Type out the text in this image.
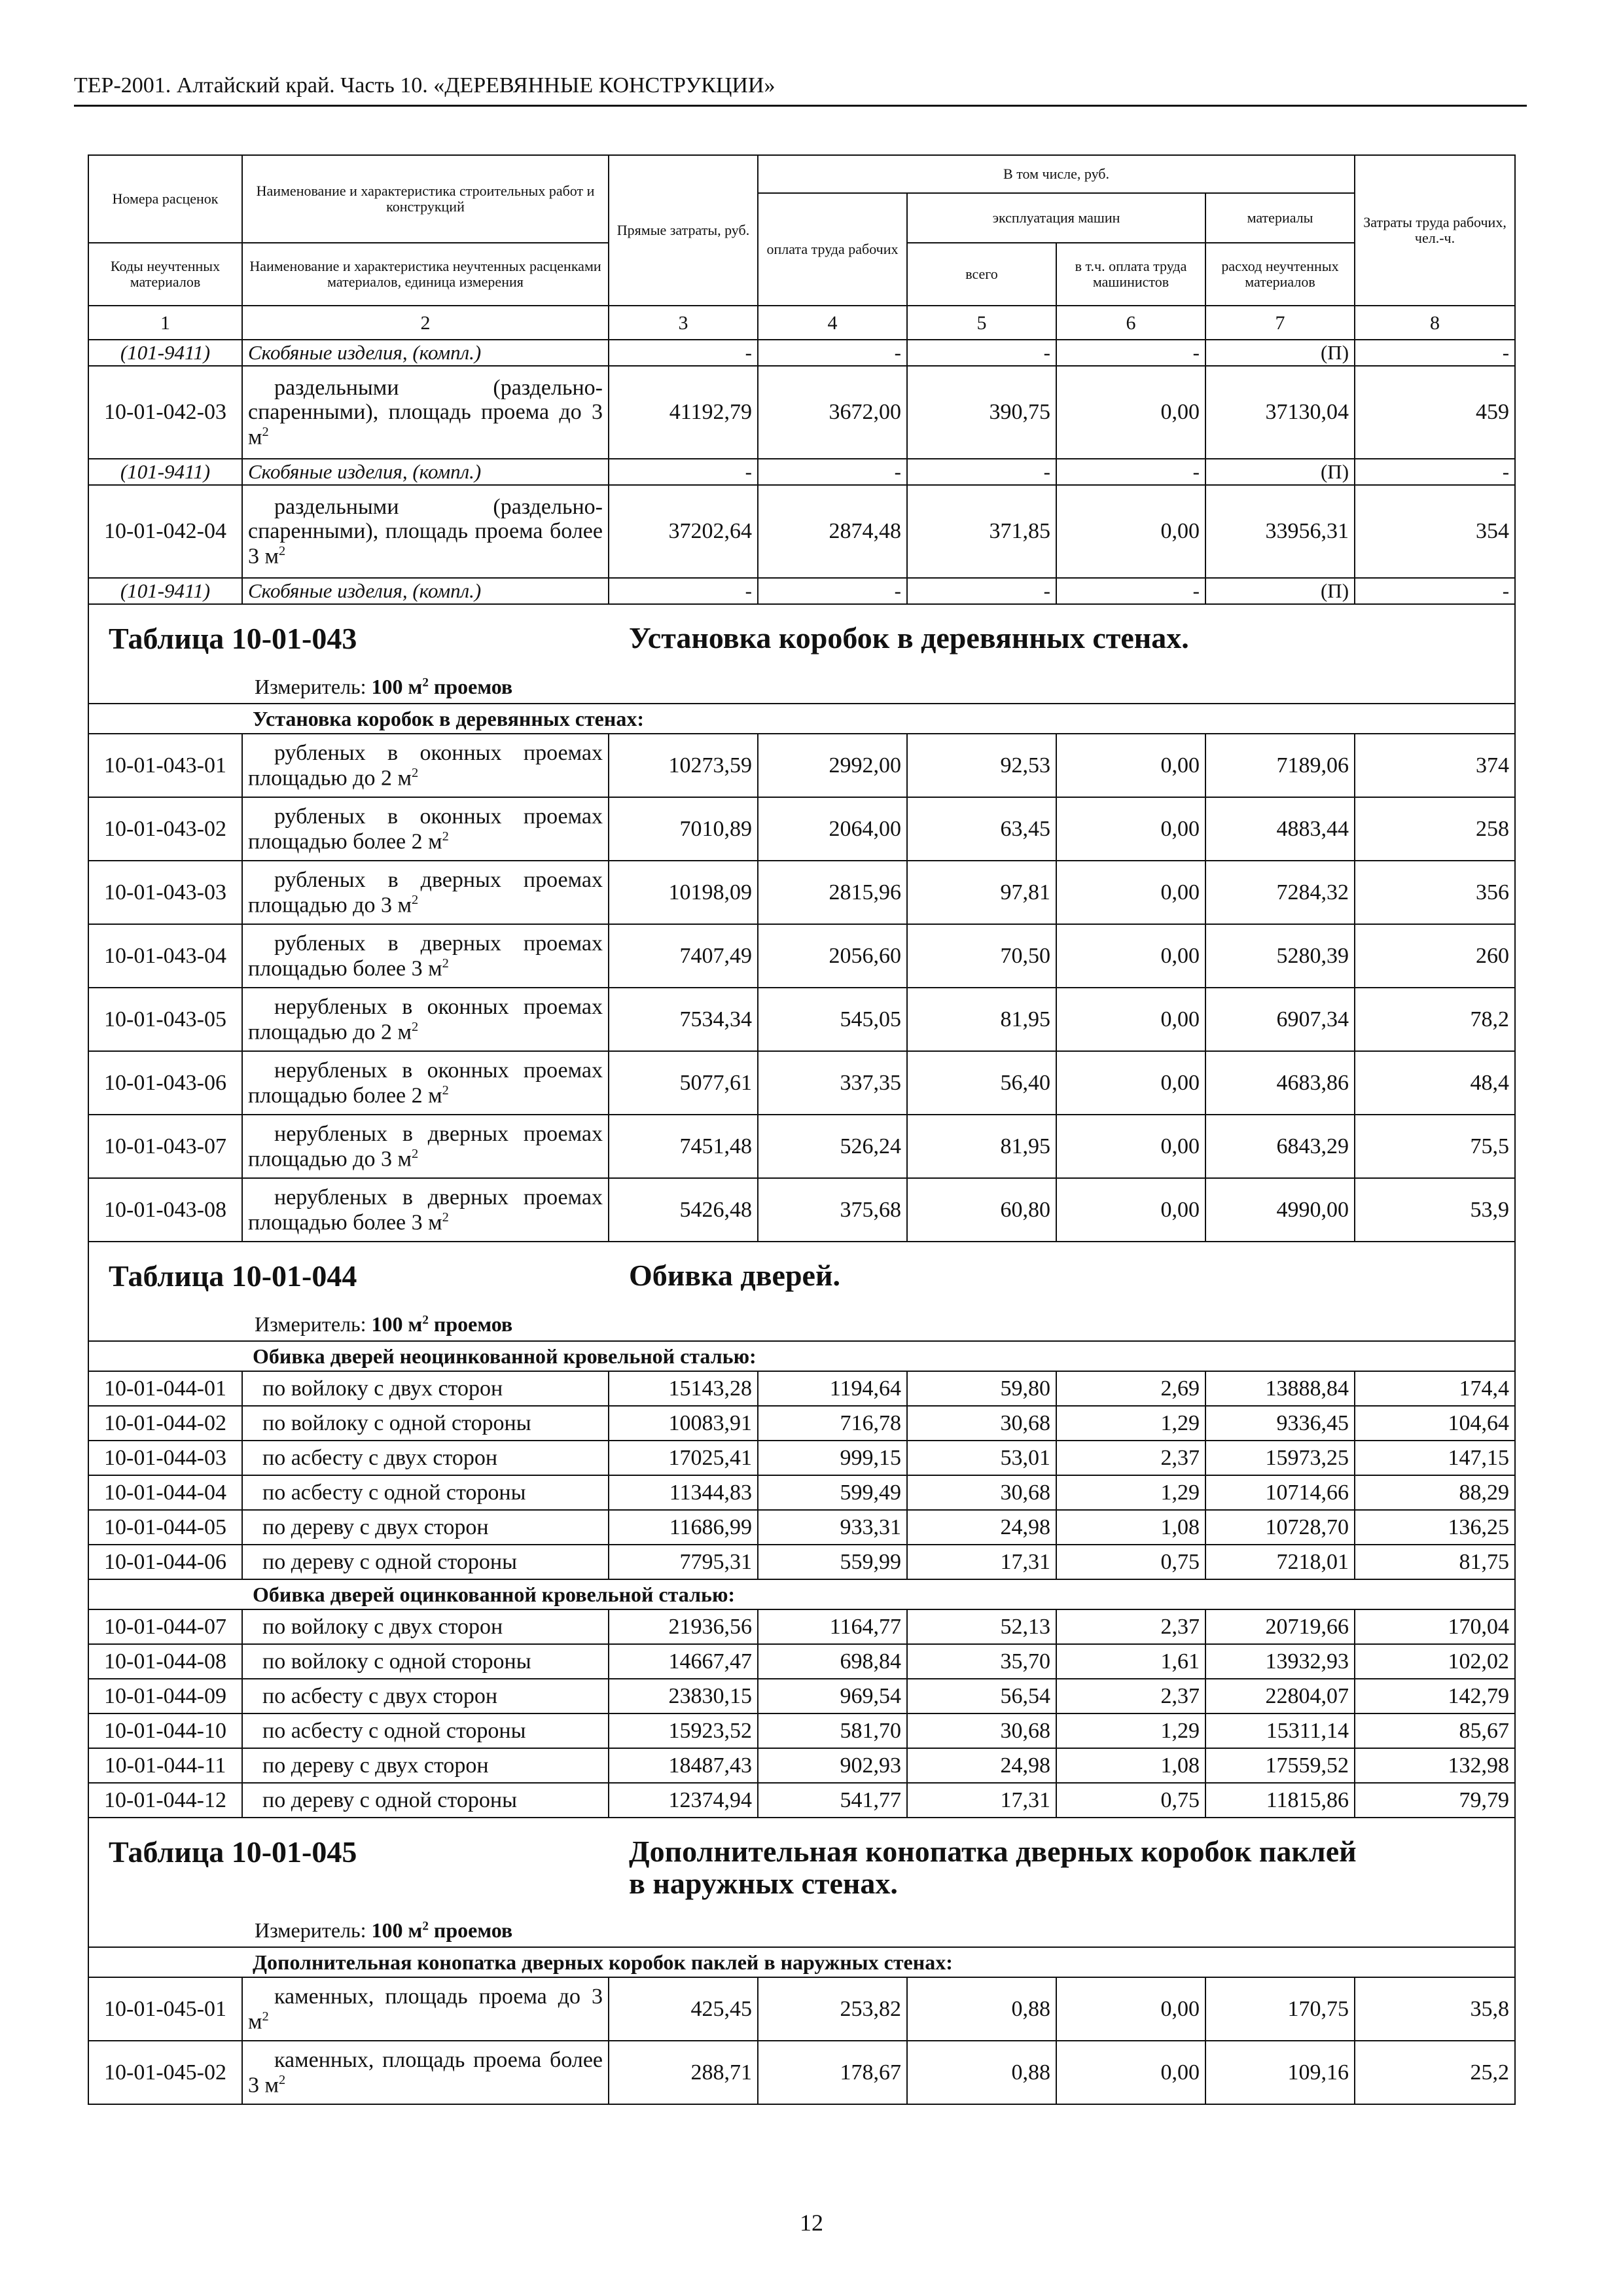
ТЕР-2001. Алтайский край. Часть 10. «ДЕРЕВЯННЫЕ КОНСТРУКЦИИ»
Номера расценок	Наименование и характеристика строительных работ и конструкций	Прямые затраты, руб.	В том числе, руб.				Затраты труда рабочих, чел.-ч.
			оплата труда рабочих	эксплуатация машин		материалы	
Коды неучтенных материалов	Наименование и характеристика неучтенных расценками материалов, единица измерения			всего	в т.ч. оплата труда машинистов	расход неучтенных материалов	
1	2	3	4	5	6	7	8
(101-9411)	Скобяные изделия, (компл.)	-	-	-	-	(П)	-
10-01-042-03	раздельными (раздельно-спаренными), площадь проема до 3 $м^2$	41192,79	3672,00	390,75	0,00	37130,04	459
(101-9411)	Скобяные изделия, (компл.)	-	-	-	-	(П)	-
10-01-042-04	раздельными (раздельно-спаренными), площадь проема более 3 $м^2$	37202,64	2874,48	371,85	0,00	33956,31	354
(101-9411)	Скобяные изделия, (компл.)	-	-	-	-	(П)	-

Таблица 10-01-043 Установка коробок в деревянных стенах.
Измеритель: 100 $м^2$ проемов							

Установка коробок в деревянных стенах:							
10-01-043-01	рубленых в оконных проемах площадью до 2 $м^2$	10273,59	2992,00	92,53	0,00	7189,06	374
10-01-043-02	рубленых в оконных проемах площадью более 2 $м^2$	7010,89	2064,00	63,45	0,00	4883,44	258
10-01-043-03	рубленых в дверных проемах площадью до 3 $м^2$	10198,09	2815,96	97,81	0,00	7284,32	356
10-01-043-04	рубленых в дверных проемах площадью более 3 $м^2$	7407,49	2056,60	70,50	0,00	5280,39	260
10-01-043-05	нерубленых в оконных проемах площадью до 2 $м^2$	7534,34	545,05	81,95	0,00	6907,34	78,2
10-01-043-06	нерубленых в оконных проемах площадью более 2 $м^2$	5077,61	337,35	56,40	0,00	4683,86	48,4
10-01-043-07	нерубленых в дверных проемах площадью до 3 $м^2$	7451,48	526,24	81,95	0,00	6843,29	75,5
10-01-043-08	нерубленых в дверных проемах площадью более 3 $м^2$	5426,48	375,68	60,80	0,00	4990,00	53,9

Таблица 10-01-044 Обивка дверей.
Измеритель: 100 $м^2$ проемов							

Обивка дверей неоцинкованной кровельной сталью:							
10-01-044-01	по войлоку с двух сторон	15143,28	1194,64	59,80	2,69	13888,84	174,4
10-01-044-02	по войлоку с одной стороны	10083,91	716,78	30,68	1,29	9336,45	104,64
10-01-044-03	по асбесту с двух сторон	17025,41	999,15	53,01	2,37	15973,25	147,15
10-01-044-04	по асбесту с одной стороны	11344,83	599,49	30,68	1,29	10714,66	88,29
10-01-044-05	по дереву с двух сторон	11686,99	933,31	24,98	1,08	10728,70	136,25
10-01-044-06	по дереву с одной стороны	7795,31	559,99	17,31	0,75	7218,01	81,75
Обивка дверей оцинкованной кровельной сталью:							
10-01-044-07	по войлоку с двух сторон	21936,56	1164,77	52,13	2,37	20719,66	170,04
10-01-044-08	по войлоку с одной стороны	14667,47	698,84	35,70	1,61	13932,93	102,02
10-01-044-09	по асбесту с двух сторон	23830,15	969,54	56,54	2,37	22804,07	142,79
10-01-044-10	по асбесту с одной стороны	15923,52	581,70	30,68	1,29	15311,14	85,67
10-01-044-11	по дереву с двух сторон	18487,43	902,93	24,98	1,08	17559,52	132,98
10-01-044-12	по дереву с одной стороны	12374,94	541,77	17,31	0,75	11815,86	79,79

Таблица 10-01-045 Дополнительная конопатка дверных коробок паклей
в наружных стенах.
Измеритель: 100 $м^2$ проемов							

Дополнительная конопатка дверных коробок паклей в наружных стенах:							
10-01-045-01	каменных, площадь проема до 3 $м^2$	425,45	253,82	0,88	0,00	170,75	35,8
10-01-045-02	каменных, площадь проема более 3 $м^2$	288,71	178,67	0,88	0,00	109,16	25,2
12
